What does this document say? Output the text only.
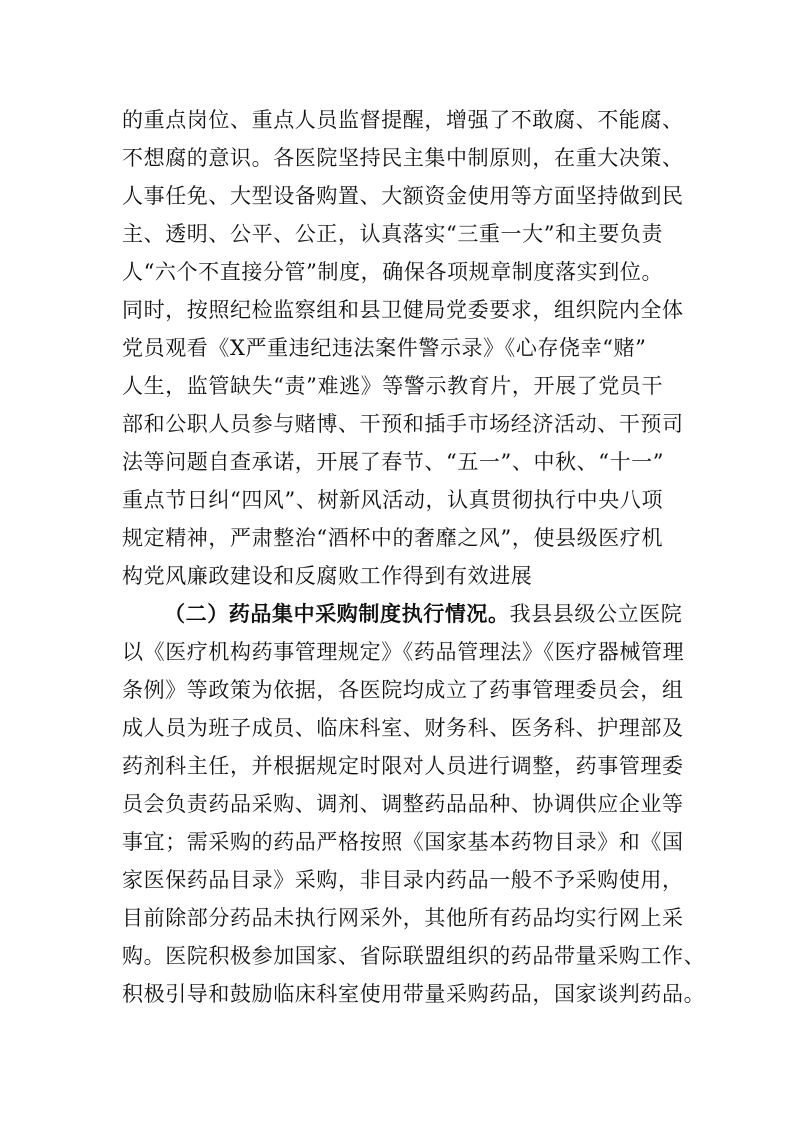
的重点岗位、重点人员监督提醒，增强了不敢腐、不能腐、
不想腐的意识。各医院坚持民主集中制原则，在重大决策、
人事任免、大型设备购置、大额资金使用等方面坚持做到民
主、透明、公平、公正，认真落实“三重一大”和主要负责
人“六个不直接分管”制度，确保各项规章制度落实到位。
同时，按照纪检监察组和县卫健局党委要求，组织院内全体
党员观看《X严重违纪违法案件警示录》《心存侥幸“赌”
人生，监管缺失“责”难逃》等警示教育片，开展了党员干
部和公职人员参与赌博、干预和插手市场经济活动、干预司
法等问题自查承诺，开展了春节、“五一”、中秋、“十一”
重点节日纠“四风”、树新风活动，认真贯彻执行中央八项
规定精神，严肃整治“酒杯中的奢靡之风”，使县级医疗机
构党风廉政建设和反腐败工作得到有效进展
（二）药品集中采购制度执行情况。我县县级公立医院
以《医疗机构药事管理规定》《药品管理法》《医疗器械管理
条例》等政策为依据，各医院均成立了药事管理委员会，组
成人员为班子成员、临床科室、财务科、医务科、护理部及
药剂科主任，并根据规定时限对人员进行调整，药事管理委
员会负责药品采购、调剂、调整药品品种、协调供应企业等
事宜；需采购的药品严格按照《国家基本药物目录》和《国
家医保药品目录》采购，非目录内药品一般不予采购使用，
目前除部分药品未执行网采外，其他所有药品均实行网上采
购。医院积极参加国家、省际联盟组织的药品带量采购工作、
积极引导和鼓励临床科室使用带量采购药品，国家谈判药品。
